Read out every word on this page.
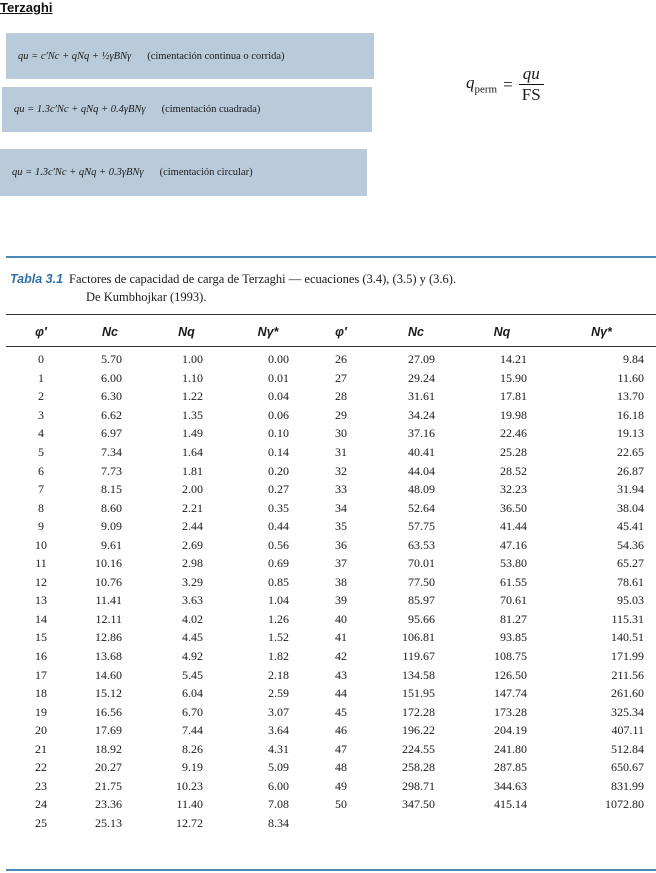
Terzaghi
qu = c′Nc + qNq + ½γBNγ (cimentación continua o corrida)
qu = 1.3c′Nc + qNq + 0.4γBNγ (cimentación cuadrada)
qu = 1.3c′Nc + qNq + 0.3γBNγ (cimentación circular)
$q_{perm} = \frac{qu}{FS}$
Tabla 3.1 Factores de capacidad de carga de Terzaghi — ecuaciones (3.4), (3.5) y (3.6).
De Kumbhojkar (1993).
φ′	Nc	Nq	Nγ*	φ′	Nc	Nq	Nγ*
0	5.70	1.00	0.00	26	27.09	14.21	9.84
1	6.00	1.10	0.01	27	29.24	15.90	11.60
2	6.30	1.22	0.04	28	31.61	17.81	13.70
3	6.62	1.35	0.06	29	34.24	19.98	16.18
4	6.97	1.49	0.10	30	37.16	22.46	19.13
5	7.34	1.64	0.14	31	40.41	25.28	22.65
6	7.73	1.81	0.20	32	44.04	28.52	26.87
7	8.15	2.00	0.27	33	48.09	32.23	31.94
8	8.60	2.21	0.35	34	52.64	36.50	38.04
9	9.09	2.44	0.44	35	57.75	41.44	45.41
10	9.61	2.69	0.56	36	63.53	47.16	54.36
11	10.16	2.98	0.69	37	70.01	53.80	65.27
12	10.76	3.29	0.85	38	77.50	61.55	78.61
13	11.41	3.63	1.04	39	85.97	70.61	95.03
14	12.11	4.02	1.26	40	95.66	81.27	115.31
15	12.86	4.45	1.52	41	106.81	93.85	140.51
16	13.68	4.92	1.82	42	119.67	108.75	171.99
17	14.60	5.45	2.18	43	134.58	126.50	211.56
18	15.12	6.04	2.59	44	151.95	147.74	261.60
19	16.56	6.70	3.07	45	172.28	173.28	325.34
20	17.69	7.44	3.64	46	196.22	204.19	407.11
21	18.92	8.26	4.31	47	224.55	241.80	512.84
22	20.27	9.19	5.09	48	258.28	287.85	650.67
23	21.75	10.23	6.00	49	298.71	344.63	831.99
24	23.36	11.40	7.08	50	347.50	415.14	1072.80
25	25.13	12.72	8.34				
